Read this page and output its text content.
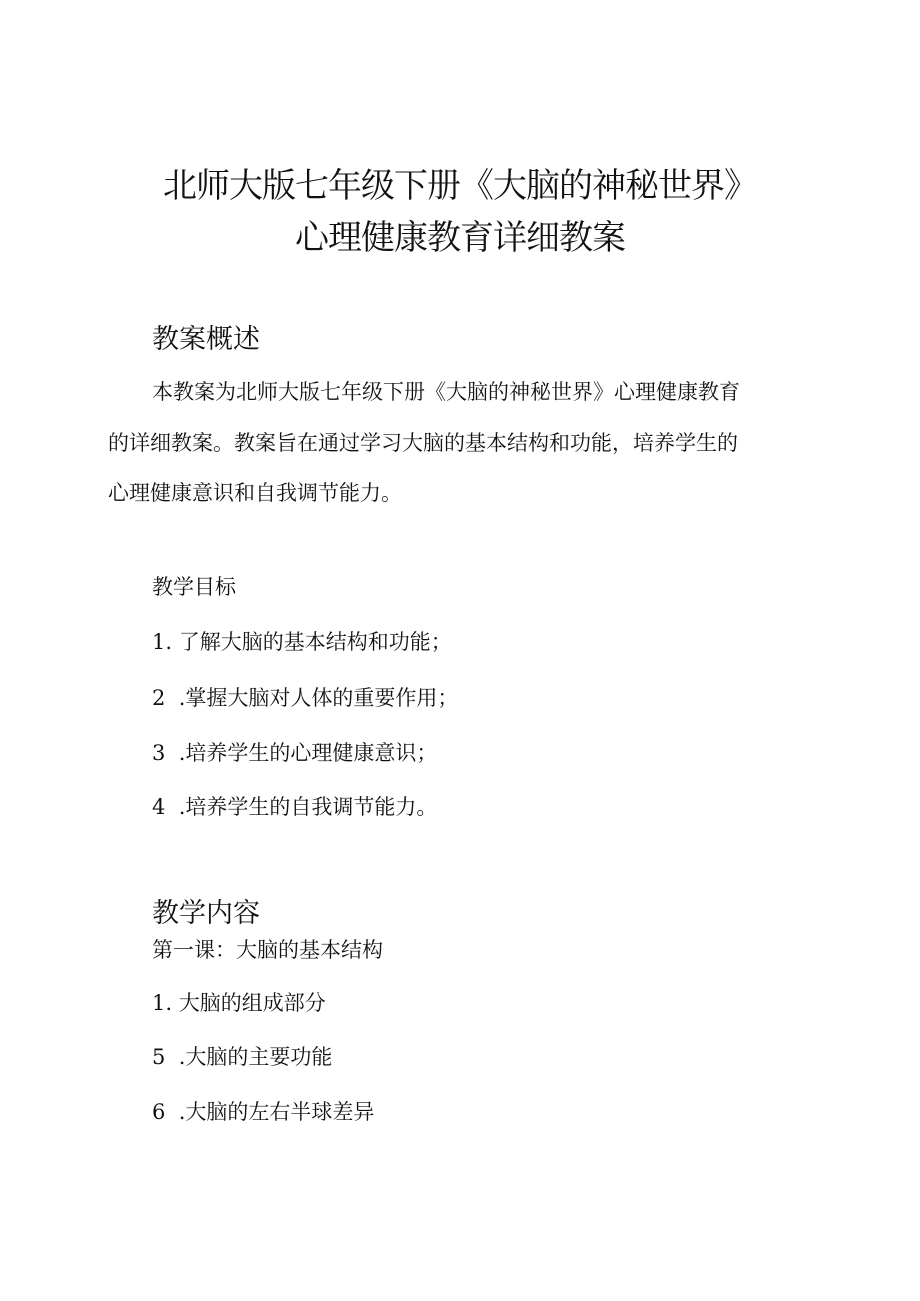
北师大版七年级下册《大脑的神秘世界》
心理健康教育详细教案
教案概述
本教案为北师大版七年级下册《大脑的神秘世界》心理健康教育
的详细教案。教案旨在通过学习大脑的基本结构和功能，培养学生的
心理健康意识和自我调节能力。
教学目标
1. 了解大脑的基本结构和功能；
2  .掌握大脑对人体的重要作用；
3  .培养学生的心理健康意识；
4  .培养学生的自我调节能力。
教学内容
第一课：大脑的基本结构
1. 大脑的组成部分
5  .大脑的主要功能
6  .大脑的左右半球差异
